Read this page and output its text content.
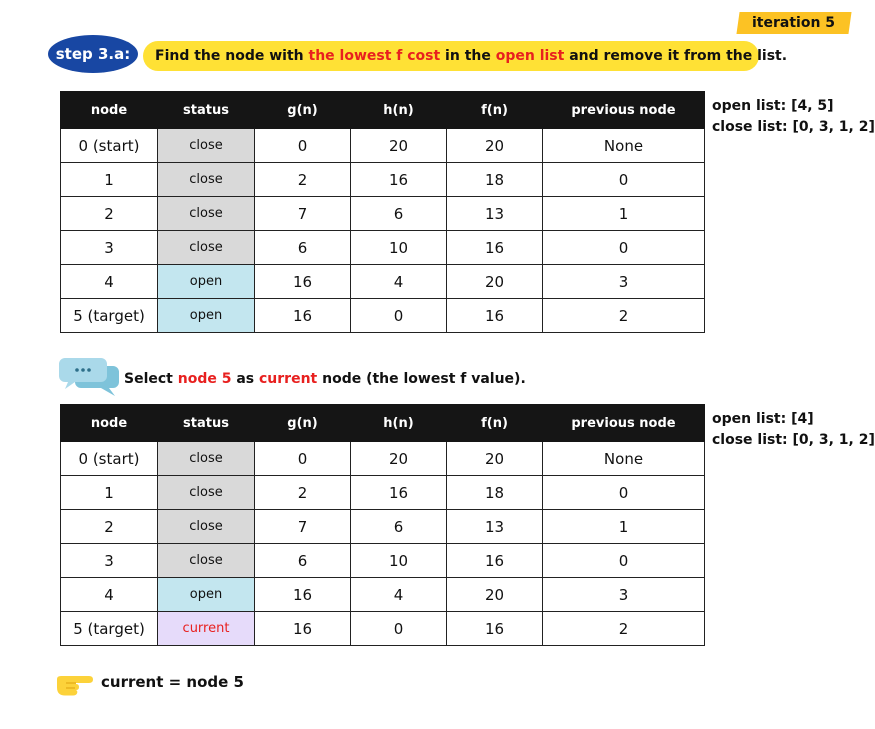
iteration 5
step 3.a:	Find the node with the lowest f cost in the open list and remove it from the list.
node	status	g(n)	h(n)	f(n)	previous node
0 (start)	close	0	20	20	None
1	close	2	16	18	0
2	close	7	6	13	1
3	close	6	10	16	0
4	open	16	4	20	3
5 (target)	open	16	0	16	2
open list: [4, 5]
close list: [0, 3, 1, 2]
Select node 5 as current node (the lowest f value).
node	status	g(n)	h(n)	f(n)	previous node
0 (start)	close	0	20	20	None
1	close	2	16	18	0
2	close	7	6	13	1
3	close	6	10	16	0
4	open	16	4	20	3
5 (target)	current	16	0	16	2
open list: [4]
close list: [0, 3, 1, 2]
current = node 5
